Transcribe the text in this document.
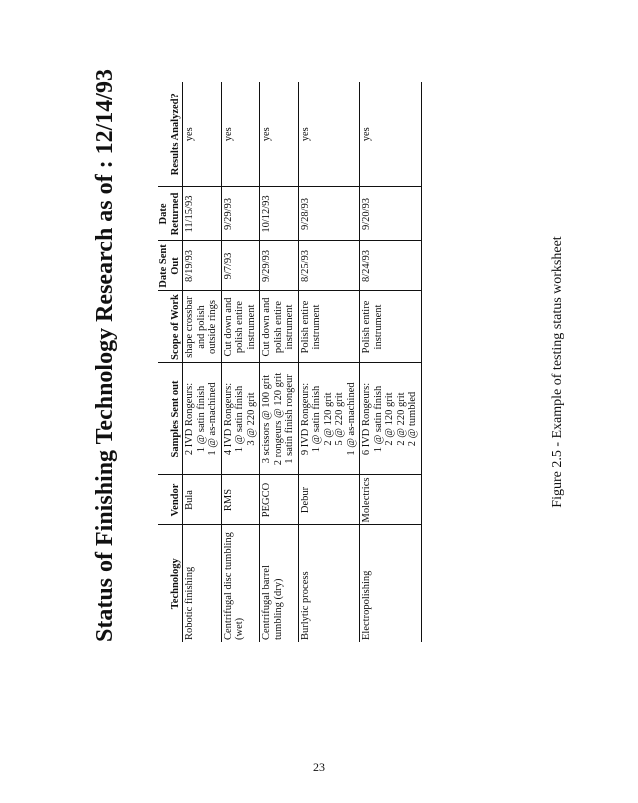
Status of Finishing Technology Research as of : 12/14/93	Technology	Vendor	Samples Sent out	Scope of Work	Date Sent Out	Date Returned	Results Analyzed?
Robotic finishing	Bula	2 IVD Rongeurs: 1 @ satin finish 1 @ as-machined	shape crossbar and polish outside rings	8/19/93	11/15/93	yes
Centrifugal disc tumbling (wet)	RMS	4 IVD Rongeurs: 1 @ satin finish 3 @ 220 grit	Cut down and polish entire instrument	9/7/93	9/29/93	yes
Centrifugal barrel tumbling (dry)	PEGCO	3 scissors @ 100 grit 2 rongeurs @ 120 grit 1 satin finish rongeur	Cut down and polish entire instrument	9/29/93	10/12/93	yes
Burlytic process	Debur	9 IVD Rongeurs: 1 @ satin finish 2 @ 120 grit 5 @ 220 grit 1 @ as-machined	Polish entire instrument	8/25/93	9/28/93	yes
Electropolishing	Molectrics	6 IVD Rongeurs: 1 @ satin finish 2 @ 120 grit 2 @ 220 grit 2 @ tumbled	Polish entire instrument	8/24/93	9/20/93	yes
Figure 2.5 - Example of testing status worksheet
23
